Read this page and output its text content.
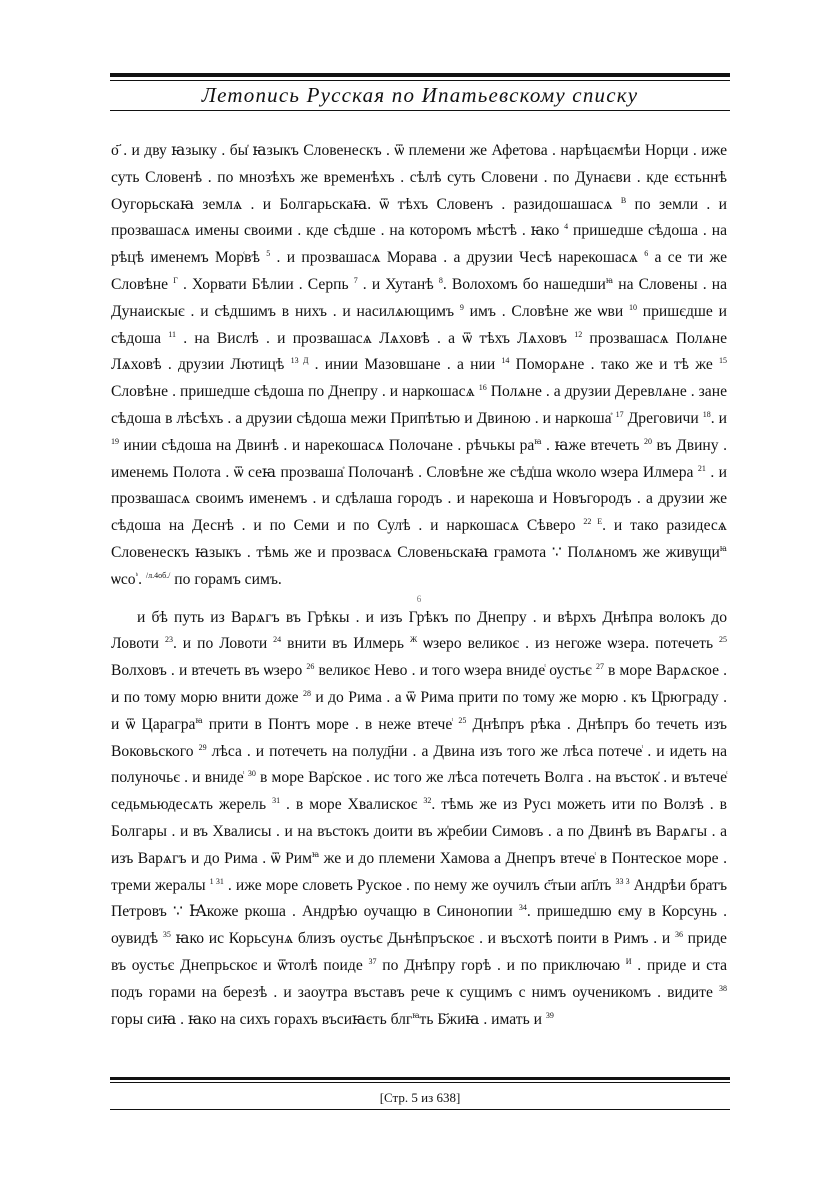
Летопись Русская по Ипатьевскому списку

о҃ . и дву ꙗзыку . бы ꙗзыкъ Словенескъ . ѿ племени же Афетова . нарѣцаємѣи Норци . иже суть Словенѣ . по мнозѣхъ же временѣхъ . сѣлѣ суть Словени . по Дунаєви . кде єстьннѣ Оугорьскаꙗ землѧ . и Болгарьскаꙗ. ѿ тѣхъ Словенъ . разидошашасѧ $^В$ по земли . и прозвашасѧ имены своими . кде сѣдше . на которомъ мѣстѣ . ꙗко $^4$ пришедше сѣдоша . на рѣцѣ именемъ Морвѣ $^5$ . и прозвашасѧ Морава . а друзии Чесѣ нарекошасѧ $^6$ а се ти же Словѣне $^Г$ . Хорвати Бѣлии . Серпь $^7$ . и Хутанѣ $^8$. Волохомъ бо нашедши$^ꙗ$ на Словены . на Дунаискыє . и сѣдшимъ в нихъ . и насилѧющимъ $^9$ имъ . Словѣне же ѡви $^{10}$ пришєдше и сѣдоша $^{11}$ . на Вислѣ . и прозвашасѧ Лѧховѣ . а ѿ тѣхъ Лѧховъ $^{12}$ прозвашасѧ Полѧне Лѧховѣ . друзии Лютицѣ $^{13 Д}$ . инии Мазовшане . а нии $^{14}$ Поморѧне . тако же и тѣ же $^{15}$ Словѣне . пришедше сѣдоша по Днепру . и наркошасѧ $^{16}$ Полѧне . а друзии Деревлѧне . зане сѣдоша в лѣсѣхъ . а друзии сѣдоша межи Припѣтью и Двиною . и наркоша $^{17}$ Дреговичи $^{18}$. и $^{19}$ инии сѣдоша на Двинѣ . и нарекошасѧ Полочане . рѣчькы $ра^ꙗ$ . ꙗже втечеть $^{20}$ въ Двину . именемь Полота . ѿ сеꙗ прозваша Полочанѣ . Словѣне же сѣдша ѡколо ѡзера Илмера $^{21}$ . и прозвашасѧ своимъ именемъ . и сдѣлаша городъ . и нарекоша и Новъгородъ . а друзии же сѣдоша на Деснѣ . и по Семи и по Сулѣ . и наркошасѧ Сѣверо $^{22 Е}$. и тако разидесѧ Словенескъ ꙗзыкъ . тѣмь же и прозвасѧ Словеньскаꙗ грамота ∵ Полѧномъ же живущи$^ꙗ$ ѡсо$^ᵇ$. $^{/л.4об./}$ по горамъ симъ.

6

и бѣ путь из Варѧгъ въ Грѣкы . и изъ Грѣкъ по Днепру . и вѣрхъ Днѣпра волокъ до Ловоти $^{23}$. и по Ловоти $^{24}$ внити въ Илмерь $^Ж$ ѡзеро великоє . из негоже ѡзера. потечеть $^{25}$ Волховъ . и втечеть въ ѡзеро $^{26}$ великоє Нево . и того ѡзера вниде оустьє $^{27}$ в море Варѧское . и по тому морю внити доже $^{28}$ и до Рима . а ѿ Рима прити по тому же морю . къ Црюграду . и ѿ Царагра$^ꙗ$ прити в Понтъ море . в неже втече $^{25}$ Днѣпръ рѣка . Днѣпръ бо течеть изъ Воковьского $^{29}$ лѣса . и потечеть на полуд҃ни . а Двина изъ того же лѣса потече . и идеть на полуночьє . и вниде $^{30}$ в море Варское . ис того же лѣса потечеть Волга . на въсток . и вътече седьмьюдесѧть жерель $^{31}$ . в море Хвалискоє $^{32}$. тѣмь же из Русı можеть ити по Волзѣ . в Болгары . и въ Хвалисы . и на въстокъ доити въ жребии Симовъ . а по Двинѣ въ Варѧгы . а изъ Варѧгъ и до Рима . ѿ Рим$^ꙗ$ же и до племени Хамова а Днепръ втече в Понтеское море . треми жералы $^{1 31}$ . иже море словеть Руское . по нему же оучилъ с҃тыи ап҃лъ $^{33 3}$ Андрѣи братъ Петровъ ∵ Ꙗкоже ркоша . Андрѣю оучащю в Синонопии $^{34}$. пришедшю єму в Корсунь . оувидѣ $^{35}$ ꙗко ис Корьсунѧ близъ оустьє Дьнѣпръскоє . и въсхотѣ поити в Римъ . и $^{36}$ приде въ оустьє Днепрьскоє и ѿтолѣ поиде $^{37}$ по Днѣпру горѣ . и по приключаю $^И$ . приде и ста подъ горами на березѣ . и заоутра въставъ рече к сущимъ с нимъ оученикомъ . видите $^{38}$ горы сиꙗ . ꙗко на сихъ горахъ въсиꙗєть блг$^ꙗ$ть Б҃жиꙗ . имать и $^{39}$

[Стр. 5 из 638]
